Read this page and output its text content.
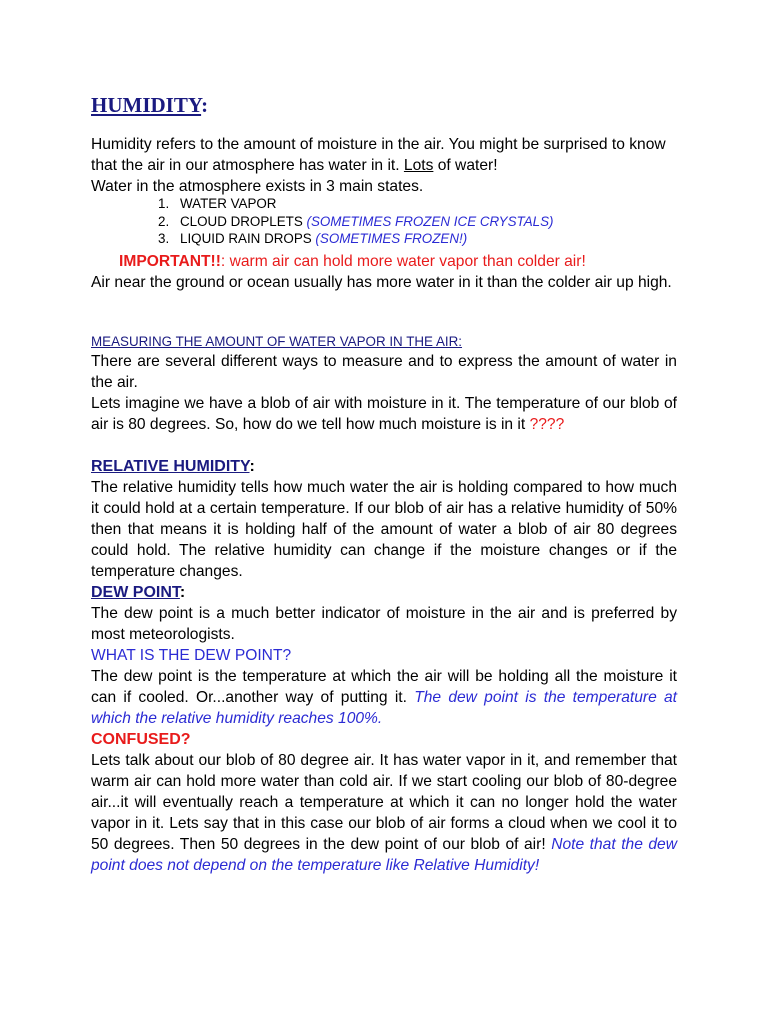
HUMIDITY:

Humidity refers to the amount of moisture in the air. You might be surprised to know that the air in our atmosphere has water in it. Lots of water!

Water in the atmosphere exists in 3 main states.

1. WATER VAPOR
2. CLOUD DROPLETS (SOMETIMES FROZEN ICE CRYSTALS)
3. LIQUID RAIN DROPS (SOMETIMES FROZEN!)
IMPORTANT!!: warm air can hold more water vapor than colder air!

Air near the ground or ocean usually has more water in it than the colder air up high.

MEASURING THE AMOUNT OF WATER VAPOR IN THE AIR:

There are several different ways to measure and to express the amount of water in the air.

Lets imagine we have a blob of air with moisture in it. The temperature of our blob of air is 80 degrees. So, how do we tell how much moisture is in it ????

RELATIVE HUMIDITY:

The relative humidity tells how much water the air is holding compared to how much it could hold at a certain temperature. If our blob of air has a relative humidity of 50% then that means it is holding half of the amount of water a blob of air 80 degrees could hold. The relative humidity can change if the moisture changes or if the temperature changes.

DEW POINT:

The dew point is a much better indicator of moisture in the air and is preferred by most meteorologists.

WHAT IS THE DEW POINT?

The dew point is the temperature at which the air will be holding all the moisture it can if cooled. Or...another way of putting it. The dew point is the temperature at which the relative humidity reaches 100%.

CONFUSED?

Lets talk about our blob of 80 degree air. It has water vapor in it, and remember that warm air can hold more water than cold air. If we start cooling our blob of 80-degree air...it will eventually reach a temperature at which it can no longer hold the water vapor in it. Lets say that in this case our blob of air forms a cloud when we cool it to 50 degrees. Then 50 degrees in the dew point of our blob of air! Note that the dew point does not depend on the temperature like Relative Humidity!
